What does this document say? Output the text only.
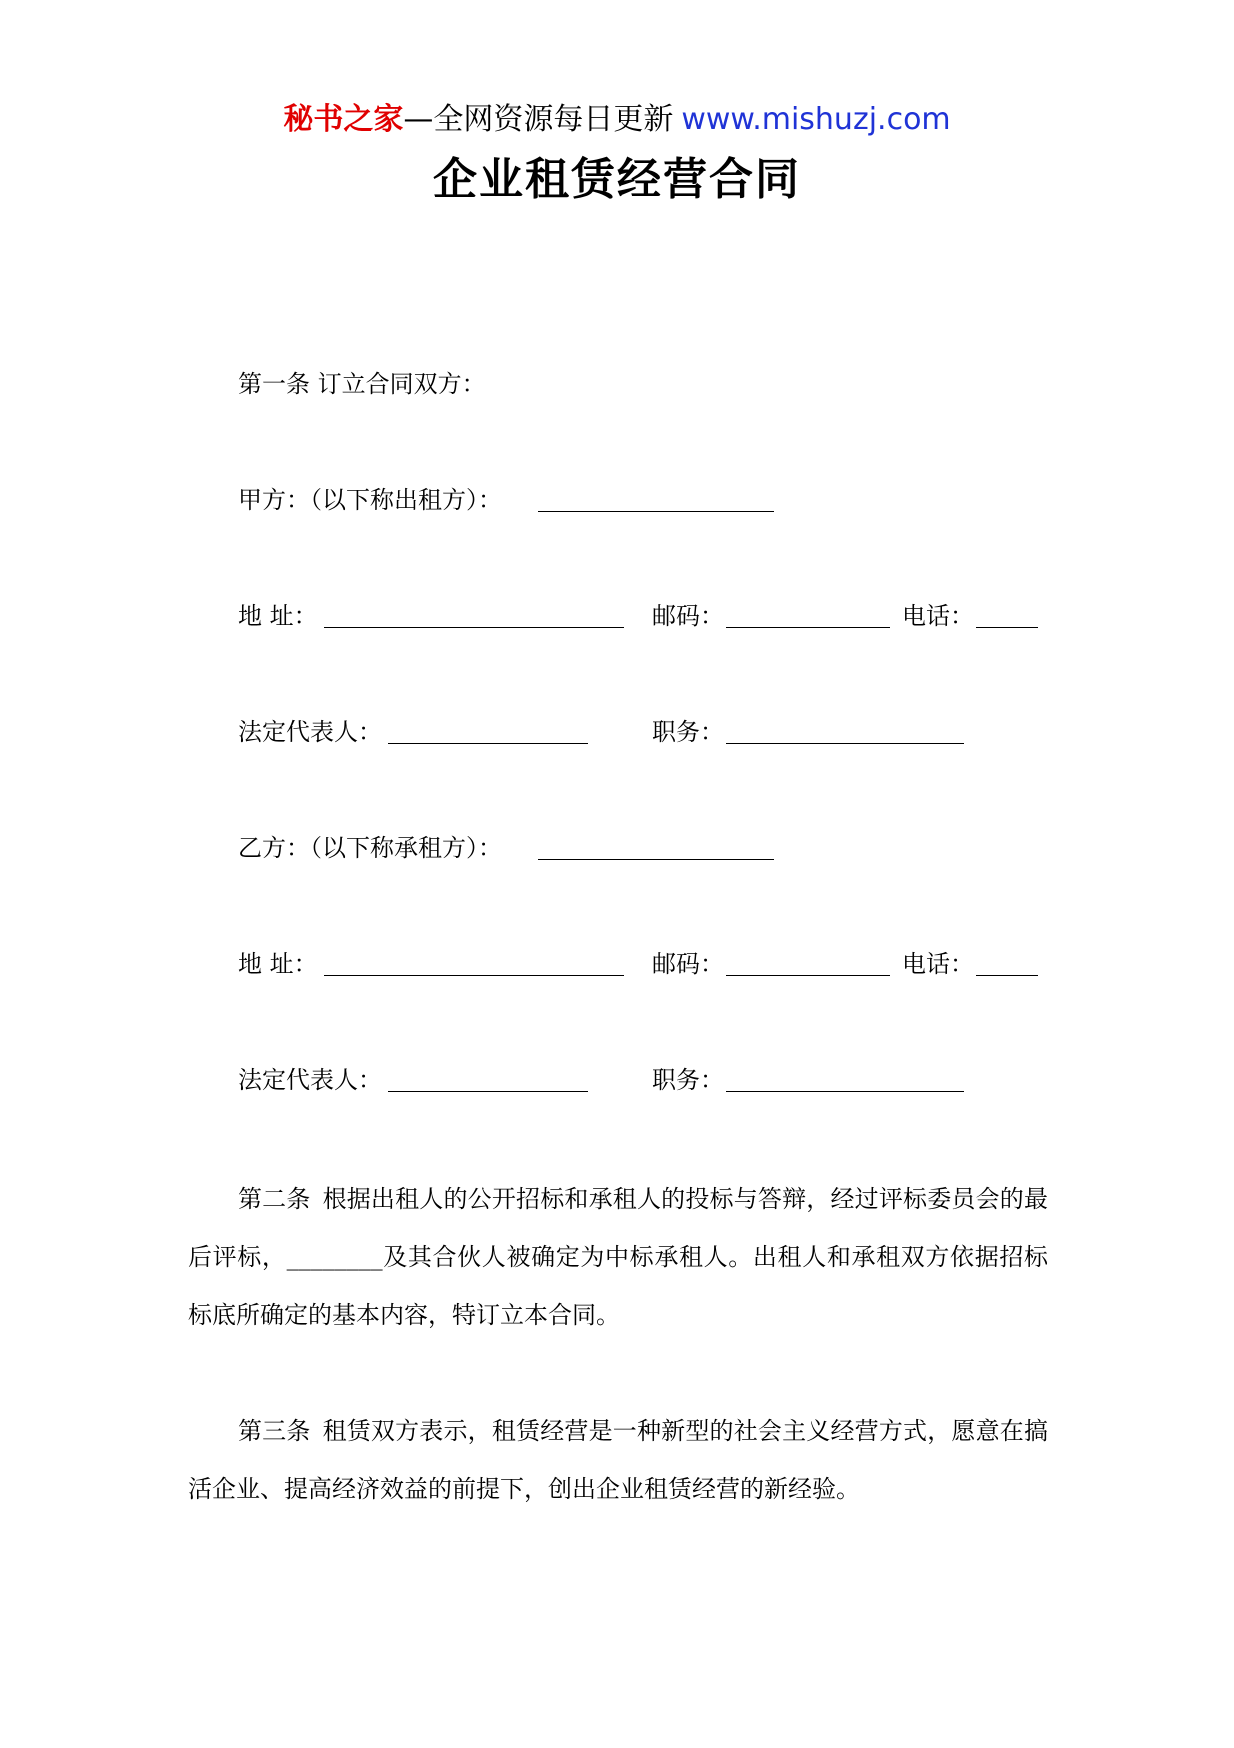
秘书之家—全网资源每日更新 www.mishuzj.com
企业租赁经营合同
第一条 订立合同双方：
甲方：（以下称出租方）：
地 址：	邮码：	电话：
法定代表人：	职务：
乙方：（以下称承租方）：
地 址：	邮码：	电话：
法定代表人：	职务：
第二条 根据出租人的公开招标和承租人的投标与答辩，经过评标委员会的最后评标，________及其合伙人被确定为中标承租人。出租人和承租双方依据招标标底所确定的基本内容，特订立本合同。
第三条 租赁双方表示，租赁经营是一种新型的社会主义经营方式，愿意在搞活企业、提高经济效益的前提下，创出企业租赁经营的新经验。
